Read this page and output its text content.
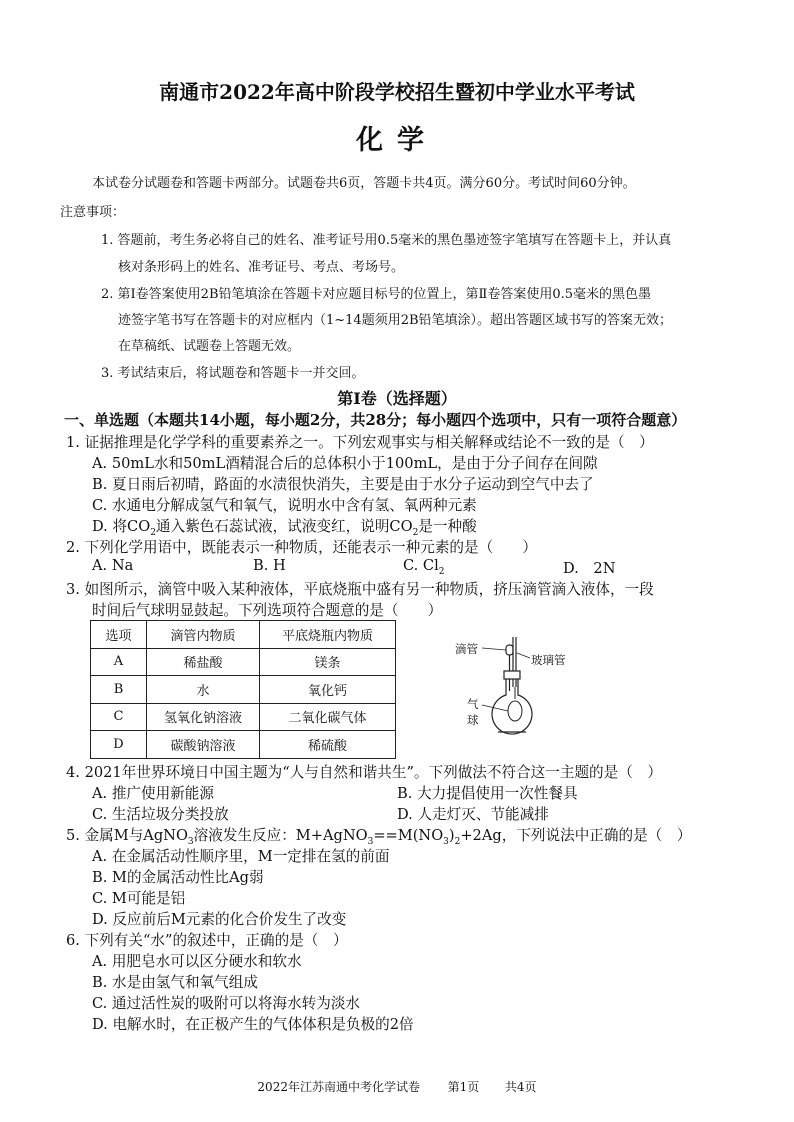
南通市2022年高中阶段学校招生暨初中学业水平考试
化学
本试卷分试题卷和答题卡两部分。试题卷共6页，答题卡共4页。满分60分。考试时间60分钟。
注意事项：
1. 答题前，考生务必将自己的姓名、准考证号用0.5毫米的黑色墨迹签字笔填写在答题卡上，并认真
核对条形码上的姓名、准考证号、考点、考场号。
2. 第Ⅰ卷答案使用2B铅笔填涂在答题卡对应题目标号的位置上，第Ⅱ卷答案使用0.5毫米的黑色墨
迹签字笔书写在答题卡的对应框内（1~14题须用2B铅笔填涂）。超出答题区域书写的答案无效；
在草稿纸、试题卷上答题无效。
3. 考试结束后，将试题卷和答题卡一并交回。
第Ⅰ卷（选择题）
一、单选题（本题共14小题，每小题2分，共28分；每小题四个选项中，只有一项符合题意）
1. 证据推理是化学学科的重要素养之一。下列宏观事实与相关解释或结论不一致的是（　）
A. 50mL水和50mL酒精混合后的总体积小于100mL，是由于分子间存在间隙
B. 夏日雨后初晴，路面的水渍很快消失，主要是由于水分子运动到空气中去了
C. 水通电分解成氢气和氧气，说明水中含有氢、氧两种元素
D. 将$CO_2$通入紫色石蕊试液，试液变红，说明$CO_2$是一种酸
2. 下列化学用语中，既能表示一种物质，还能表示一种元素的是（　　）
A. Na	B. H	C. $Cl_2$	D.　2N
3. 如图所示，滴管中吸入某种液体，平底烧瓶中盛有另一种物质，挤压滴管滴入液体，一段
时间后气球明显鼓起。下列选项符合题意的是（　　）
选项	滴管内物质	平底烧瓶内物质
A	稀盐酸	镁条
B	水	氧化钙
C	氢氧化钠溶液	二氧化碳气体
D	碳酸钠溶液	稀硫酸
滴管
玻璃管
气
球
4. 2021年世界环境日中国主题为“人与自然和谐共生”。下列做法不符合这一主题的是（　）
A. 推广使用新能源	B. 大力提倡使用一次性餐具
C. 生活垃圾分类投放	D. 人走灯灭、节能减排
5. 金属M与AgNO$_3$溶液发生反应：$M+AgNO_3==M(NO_3)_2+2Ag$，下列说法中正确的是（　）
A. 在金属活动性顺序里，M一定排在氢的前面
B. M的金属活动性比Ag弱
C. M可能是铝
D. 反应前后M元素的化合价发生了改变
6. 下列有关“水”的叙述中，正确的是（　）
A. 用肥皂水可以区分硬水和软水
B. 水是由氢气和氧气组成
C. 通过活性炭的吸附可以将海水转为淡水
D. 电解水时，在正极产生的气体体积是负极的2倍
2022年江苏南通中考化学试卷 第1页 共4页
